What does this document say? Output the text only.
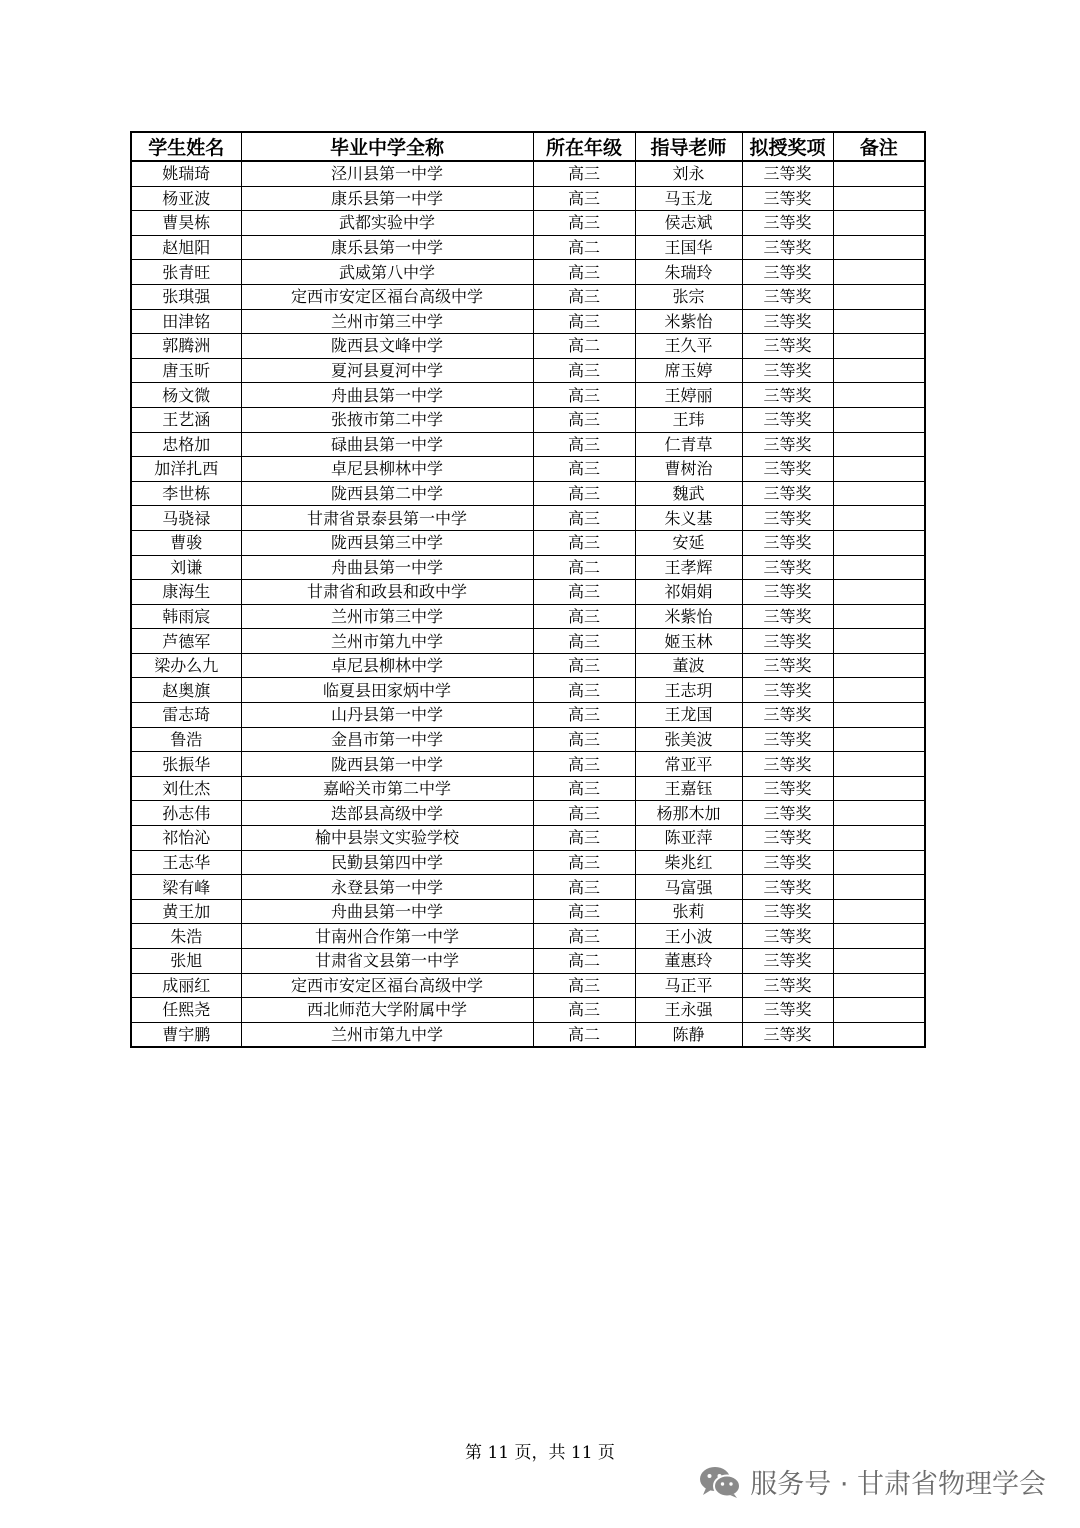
学生姓名	毕业中学全称	所在年级	指导老师	拟授奖项	备注
姚瑞琦	泾川县第一中学	高三	刘永	三等奖	
杨亚波	康乐县第一中学	高三	马玉龙	三等奖	
曹昊栋	武都实验中学	高三	侯志斌	三等奖	
赵旭阳	康乐县第一中学	高二	王国华	三等奖	
张青旺	武威第八中学	高三	朱瑞玲	三等奖	
张琪强	定西市安定区福台高级中学	高三	张宗	三等奖	
田津铭	兰州市第三中学	高三	米紫怡	三等奖	
郭腾洲	陇西县文峰中学	高二	王久平	三等奖	
唐玉昕	夏河县夏河中学	高三	席玉婷	三等奖	
杨文微	舟曲县第一中学	高三	王婷丽	三等奖	
王艺涵	张掖市第二中学	高三	王玮	三等奖	
忠格加	碌曲县第一中学	高三	仁青草	三等奖	
加洋扎西	卓尼县柳林中学	高三	曹树治	三等奖	
李世栋	陇西县第二中学	高三	魏武	三等奖	
马骁禄	甘肃省景泰县第一中学	高三	朱义基	三等奖	
曹骏	陇西县第三中学	高三	安延	三等奖	
刘谦	舟曲县第一中学	高二	王孝辉	三等奖	
康海生	甘肃省和政县和政中学	高三	祁娟娟	三等奖	
韩雨宸	兰州市第三中学	高三	米紫怡	三等奖	
芦德军	兰州市第九中学	高三	姬玉林	三等奖	
梁办么九	卓尼县柳林中学	高三	董波	三等奖	
赵奥旗	临夏县田家炳中学	高三	王志玥	三等奖	
雷志琦	山丹县第一中学	高三	王龙国	三等奖	
鲁浩	金昌市第一中学	高三	张美波	三等奖	
张振华	陇西县第一中学	高三	常亚平	三等奖	
刘仕杰	嘉峪关市第二中学	高三	王嘉钰	三等奖	
孙志伟	迭部县高级中学	高三	杨那木加	三等奖	
祁怡沁	榆中县崇文实验学校	高三	陈亚萍	三等奖	
王志华	民勤县第四中学	高三	柴兆红	三等奖	
梁有峰	永登县第一中学	高三	马富强	三等奖	
黄王加	舟曲县第一中学	高三	张莉	三等奖	
朱浩	甘南州合作第一中学	高三	王小波	三等奖	
张旭	甘肃省文县第一中学	高二	董惠玲	三等奖	
成丽红	定西市安定区福台高级中学	高三	马正平	三等奖	
任熙尧	西北师范大学附属中学	高三	王永强	三等奖	
曹宇鹏	兰州市第九中学	高二	陈静	三等奖	
第 11 页，共 11 页
服务号 · 甘肃省物理学会
